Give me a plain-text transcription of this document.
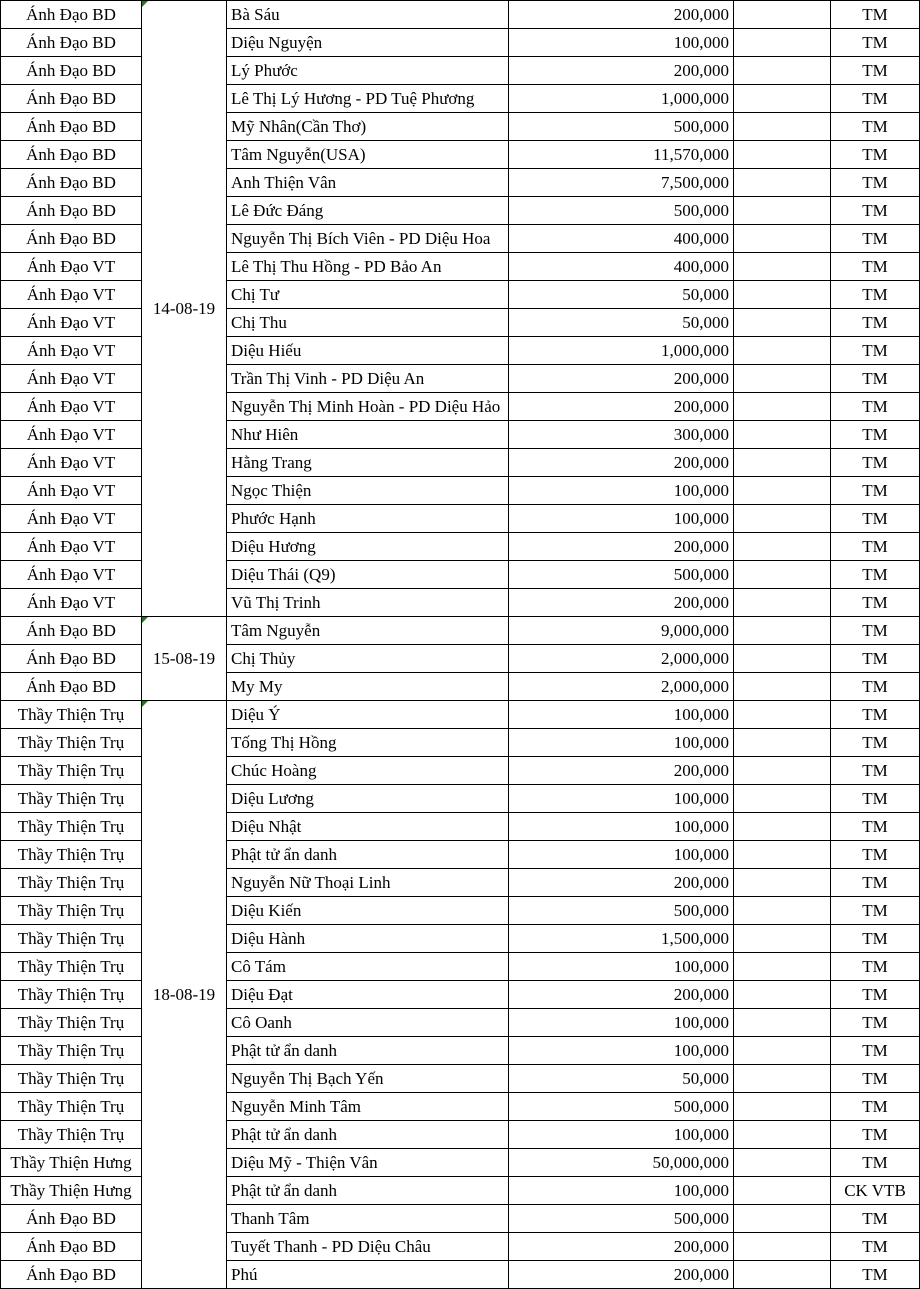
Ánh Đạo BD	14-08-19	Bà Sáu	200,000		TM
Ánh Đạo BD		Diệu Nguyện	100,000		TM
Ánh Đạo BD		Lý Phước	200,000		TM
Ánh Đạo BD		Lê Thị Lý Hương - PD Tuệ Phương	1,000,000		TM
Ánh Đạo BD		Mỹ Nhân(Cần Thơ)	500,000		TM
Ánh Đạo BD		Tâm Nguyễn(USA)	11,570,000		TM
Ánh Đạo BD		Anh Thiện Vân	7,500,000		TM
Ánh Đạo BD		Lê Đức Đáng	500,000		TM
Ánh Đạo BD		Nguyễn Thị Bích Viên - PD Diệu Hoa	400,000		TM
Ánh Đạo VT		Lê Thị Thu Hồng - PD Bảo An	400,000		TM
Ánh Đạo VT		Chị Tư	50,000		TM
Ánh Đạo VT		Chị Thu	50,000		TM
Ánh Đạo VT		Diệu Hiếu	1,000,000		TM
Ánh Đạo VT		Trần Thị Vinh - PD Diệu An	200,000		TM
Ánh Đạo VT		Nguyễn Thị Minh Hoàn - PD Diệu Hảo	200,000		TM
Ánh Đạo VT		Như Hiên	300,000		TM
Ánh Đạo VT		Hằng Trang	200,000		TM
Ánh Đạo VT		Ngọc Thiện	100,000		TM
Ánh Đạo VT		Phước Hạnh	100,000		TM
Ánh Đạo VT		Diệu Hương	200,000		TM
Ánh Đạo VT		Diệu Thái (Q9)	500,000		TM
Ánh Đạo VT		Vũ Thị Trinh	200,000		TM
Ánh Đạo BD	15-08-19	Tâm Nguyễn	9,000,000		TM
Ánh Đạo BD		Chị Thủy	2,000,000		TM
Ánh Đạo BD		My My	2,000,000		TM
Thầy Thiện Trụ	18-08-19	Diệu Ý	100,000		TM
Thầy Thiện Trụ		Tống Thị Hồng	100,000		TM
Thầy Thiện Trụ		Chúc Hoàng	200,000		TM
Thầy Thiện Trụ		Diệu Lương	100,000		TM
Thầy Thiện Trụ		Diệu Nhật	100,000		TM
Thầy Thiện Trụ		Phật tử ẩn danh	100,000		TM
Thầy Thiện Trụ		Nguyễn Nữ Thoại Linh	200,000		TM
Thầy Thiện Trụ		Diệu Kiến	500,000		TM
Thầy Thiện Trụ		Diệu Hành	1,500,000		TM
Thầy Thiện Trụ		Cô Tám	100,000		TM
Thầy Thiện Trụ		Diệu Đạt	200,000		TM
Thầy Thiện Trụ		Cô Oanh	100,000		TM
Thầy Thiện Trụ		Phật tử ẩn danh	100,000		TM
Thầy Thiện Trụ		Nguyễn Thị Bạch Yến	50,000		TM
Thầy Thiện Trụ		Nguyễn Minh Tâm	500,000		TM
Thầy Thiện Trụ		Phật tử ẩn danh	100,000		TM
Thầy Thiện Hưng		Diệu Mỹ - Thiện Vân	50,000,000		TM
Thầy Thiện Hưng		Phật tử ẩn danh	100,000		CK VTB
Ánh Đạo BD		Thanh Tâm	500,000		TM
Ánh Đạo BD		Tuyết Thanh - PD Diệu Châu	200,000		TM
Ánh Đạo BD		Phú	200,000		TM
